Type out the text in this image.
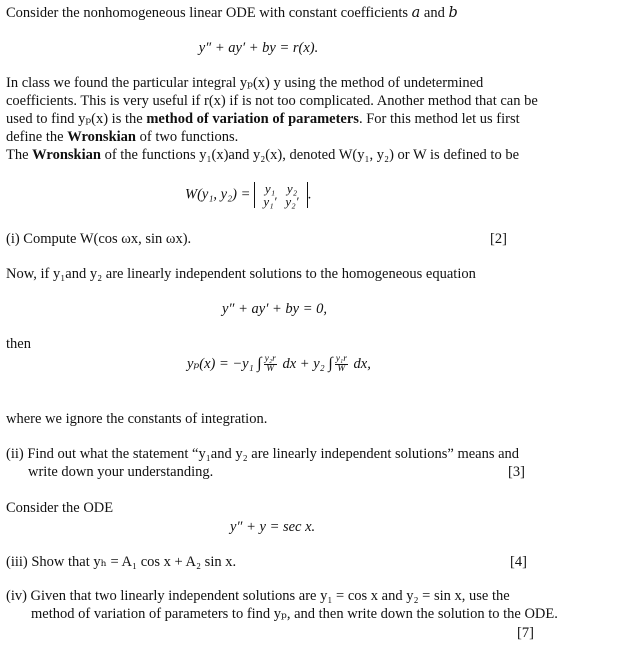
Consider the nonhomogeneous linear ODE with constant coefficients 𝑎 and 𝑏
y″ + ay′ + by = r(x).
In class we found the particular integral yₚ(x) y using the method of undetermined
coefficients. This is very useful if r(x) if is not too complicated. Another method that can be
used to find yₚ(x) is the method of variation of parameters. For this method let us first
define the Wronskian of two functions.
The Wronskian of the functions y₁(x)and y₂(x), denoted W(y₁, y₂) or W is defined to be
W(y₁, y₂) = y₁ y₂
y₁′ y₂′ .
(i) Compute W(cos ωx, sin ωx).	[2]
Now, if y₁and y₂ are linearly independent solutions to the homogeneous equation
y″ + ay′ + by = 0,
then
yₚ(x) = −y₁ ∫ $\frac{\text{y₂r}}{W}$ dx + y₂ ∫ $\frac{\text{y₁r}}{W}$ dx,
where we ignore the constants of integration.
(ii) Find out what the statement “y₁and y₂ are linearly independent solutions” means and
write down your understanding.	[3]
Consider the ODE
y″ + y = sec x.
(iii) Show that yₕ = A₁ cos x + A₂ sin x.	[4]
(iv) Given that two linearly independent solutions are y₁ = cos x and y₂ = sin x, use the
method of variation of parameters to find yₚ, and then write down the solution to the ODE.
[7]
